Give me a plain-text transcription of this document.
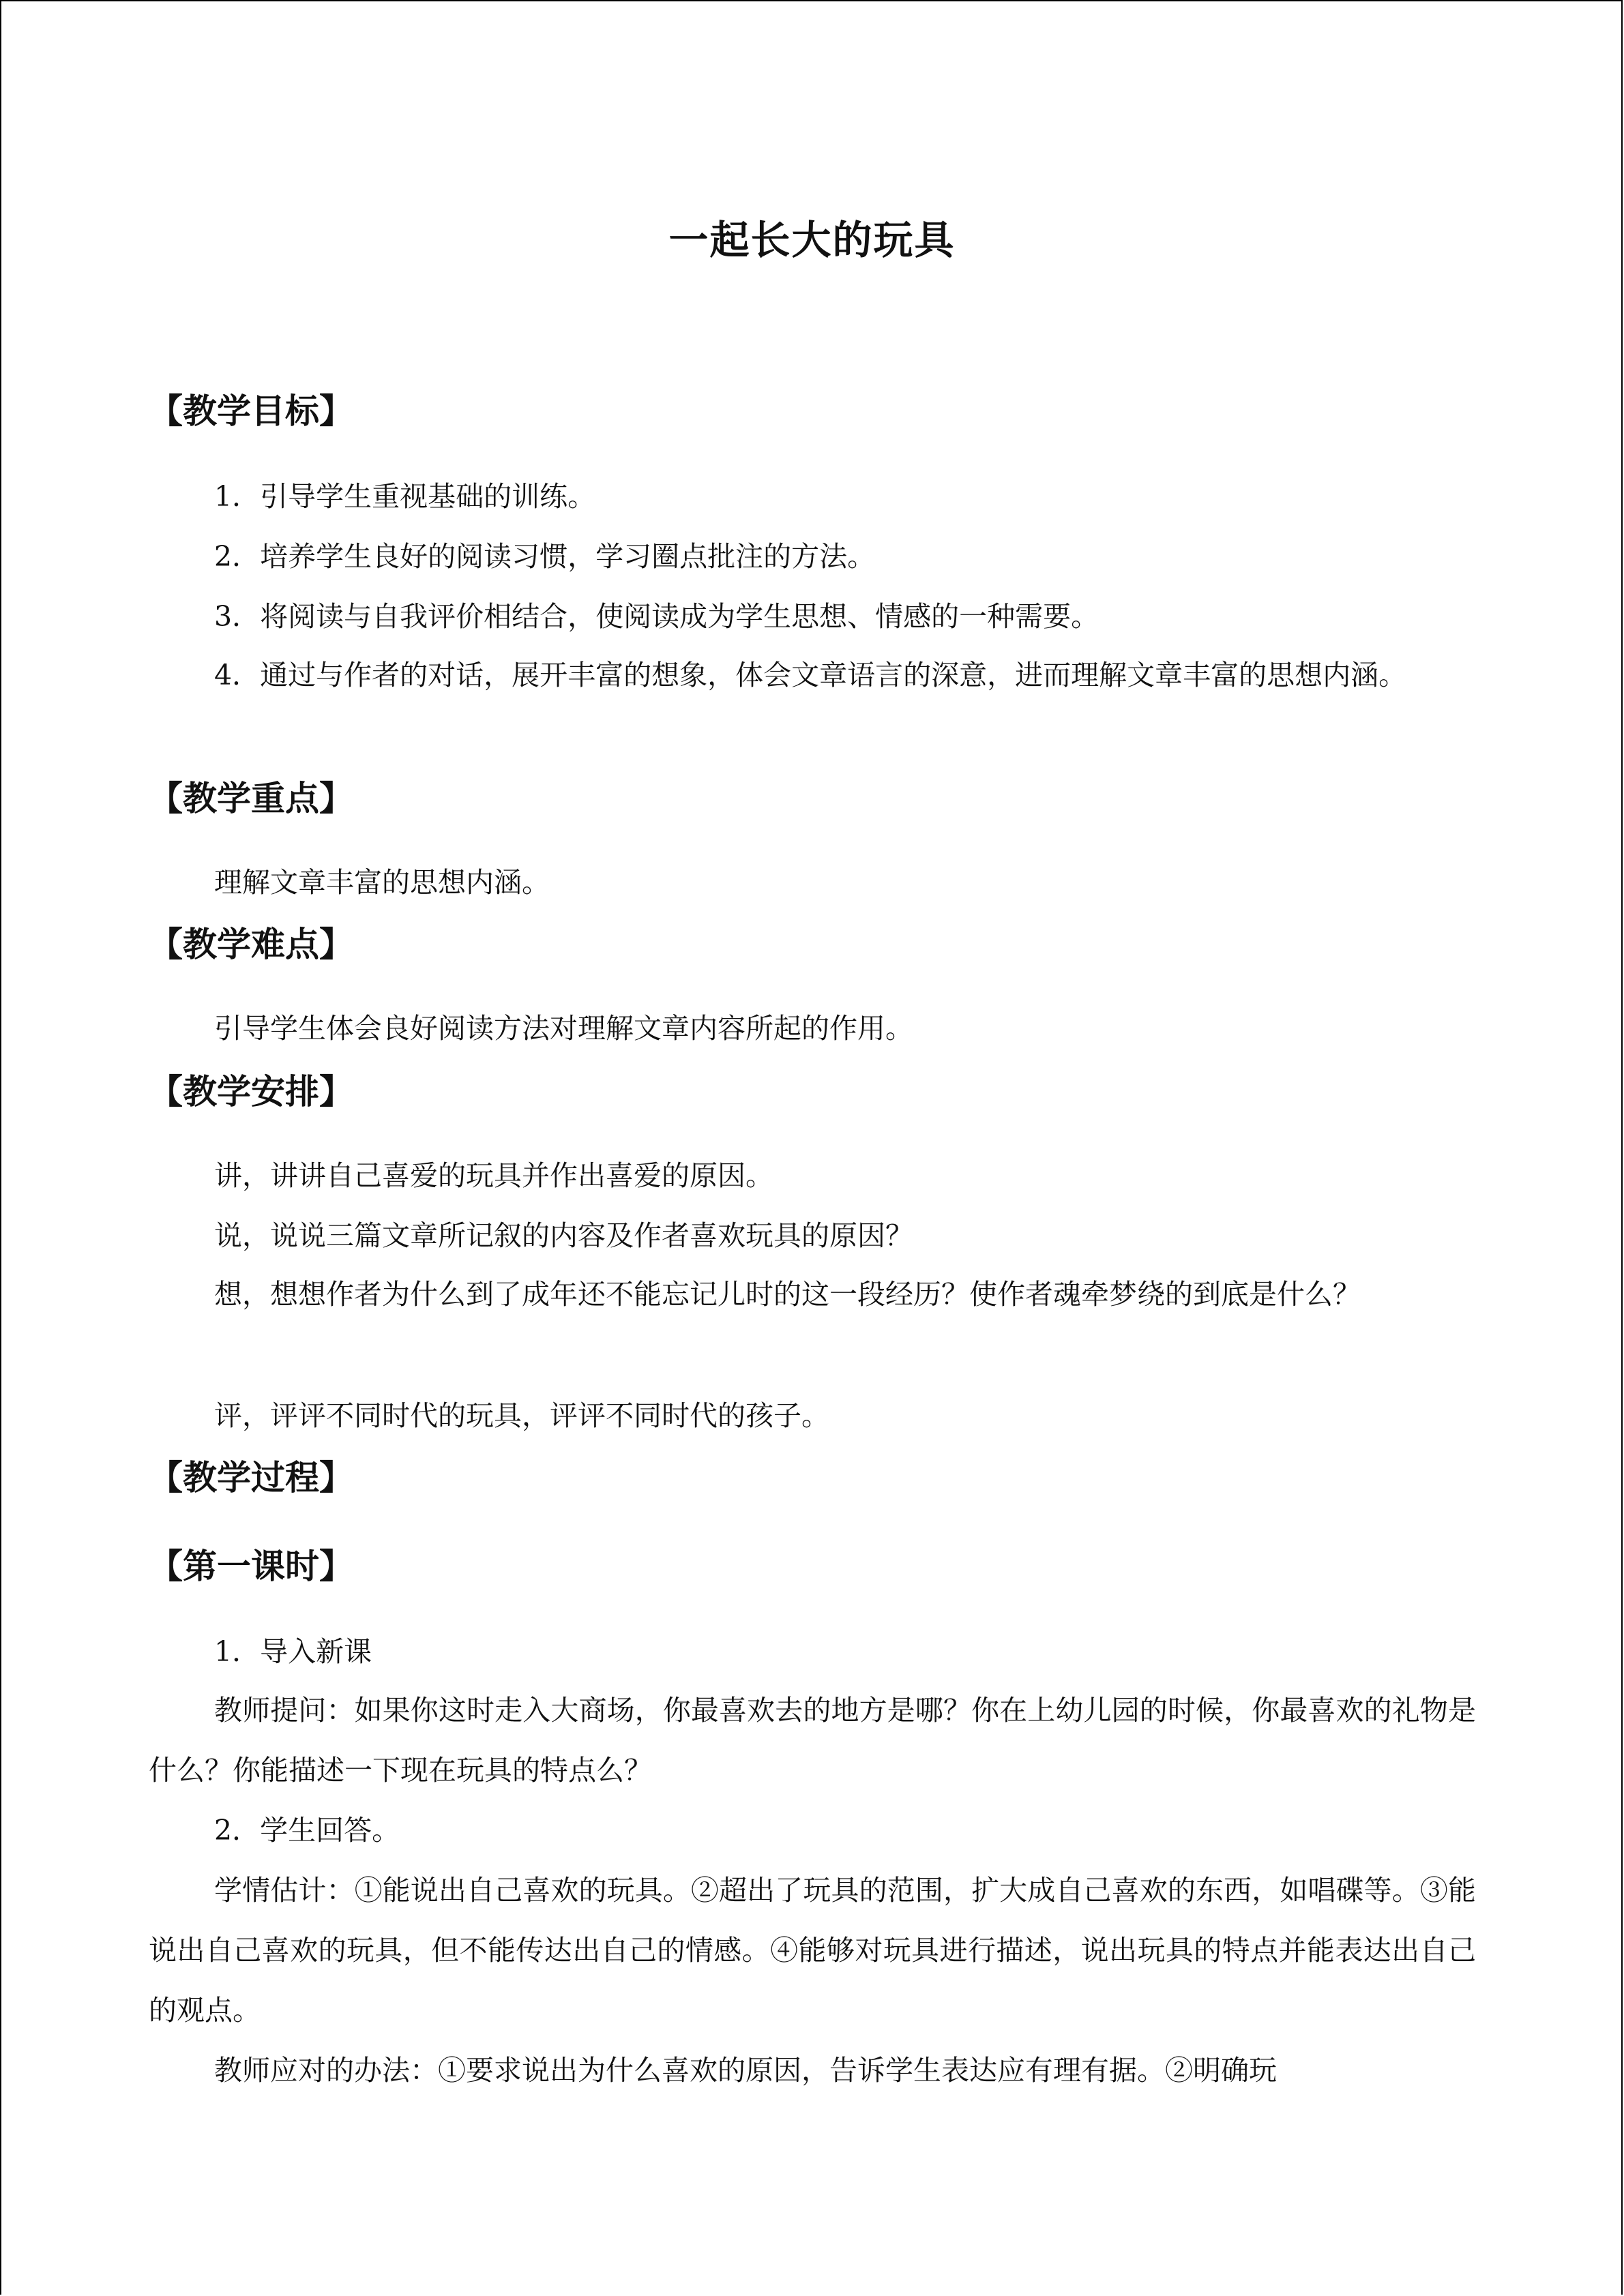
一起长大的玩具
【教学目标】
1．引导学生重视基础的训练。
2．培养学生良好的阅读习惯，学习圈点批注的方法。
3．将阅读与自我评价相结合，使阅读成为学生思想、情感的一种需要。
4．通过与作者的对话，展开丰富的想象，体会文章语言的深意，进而理解文章丰富的思想内涵。
【教学重点】
理解文章丰富的思想内涵。
【教学难点】
引导学生体会良好阅读方法对理解文章内容所起的作用。
【教学安排】
讲，讲讲自己喜爱的玩具并作出喜爱的原因。
说，说说三篇文章所记叙的内容及作者喜欢玩具的原因？
想，想想作者为什么到了成年还不能忘记儿时的这一段经历？使作者魂牵梦绕的到底是什么？
评，评评不同时代的玩具，评评不同时代的孩子。
【教学过程】
【第一课时】
1．导入新课
教师提问：如果你这时走入大商场，你最喜欢去的地方是哪？你在上幼儿园的时候，你最喜欢的礼物是什么？你能描述一下现在玩具的特点么？
2．学生回答。
学情估计：①能说出自己喜欢的玩具。②超出了玩具的范围，扩大成自己喜欢的东西，如唱碟等。③能说出自己喜欢的玩具，但不能传达出自己的情感。④能够对玩具进行描述，说出玩具的特点并能表达出自己的观点。
教师应对的办法：①要求说出为什么喜欢的原因，告诉学生表达应有理有据。②明确玩
